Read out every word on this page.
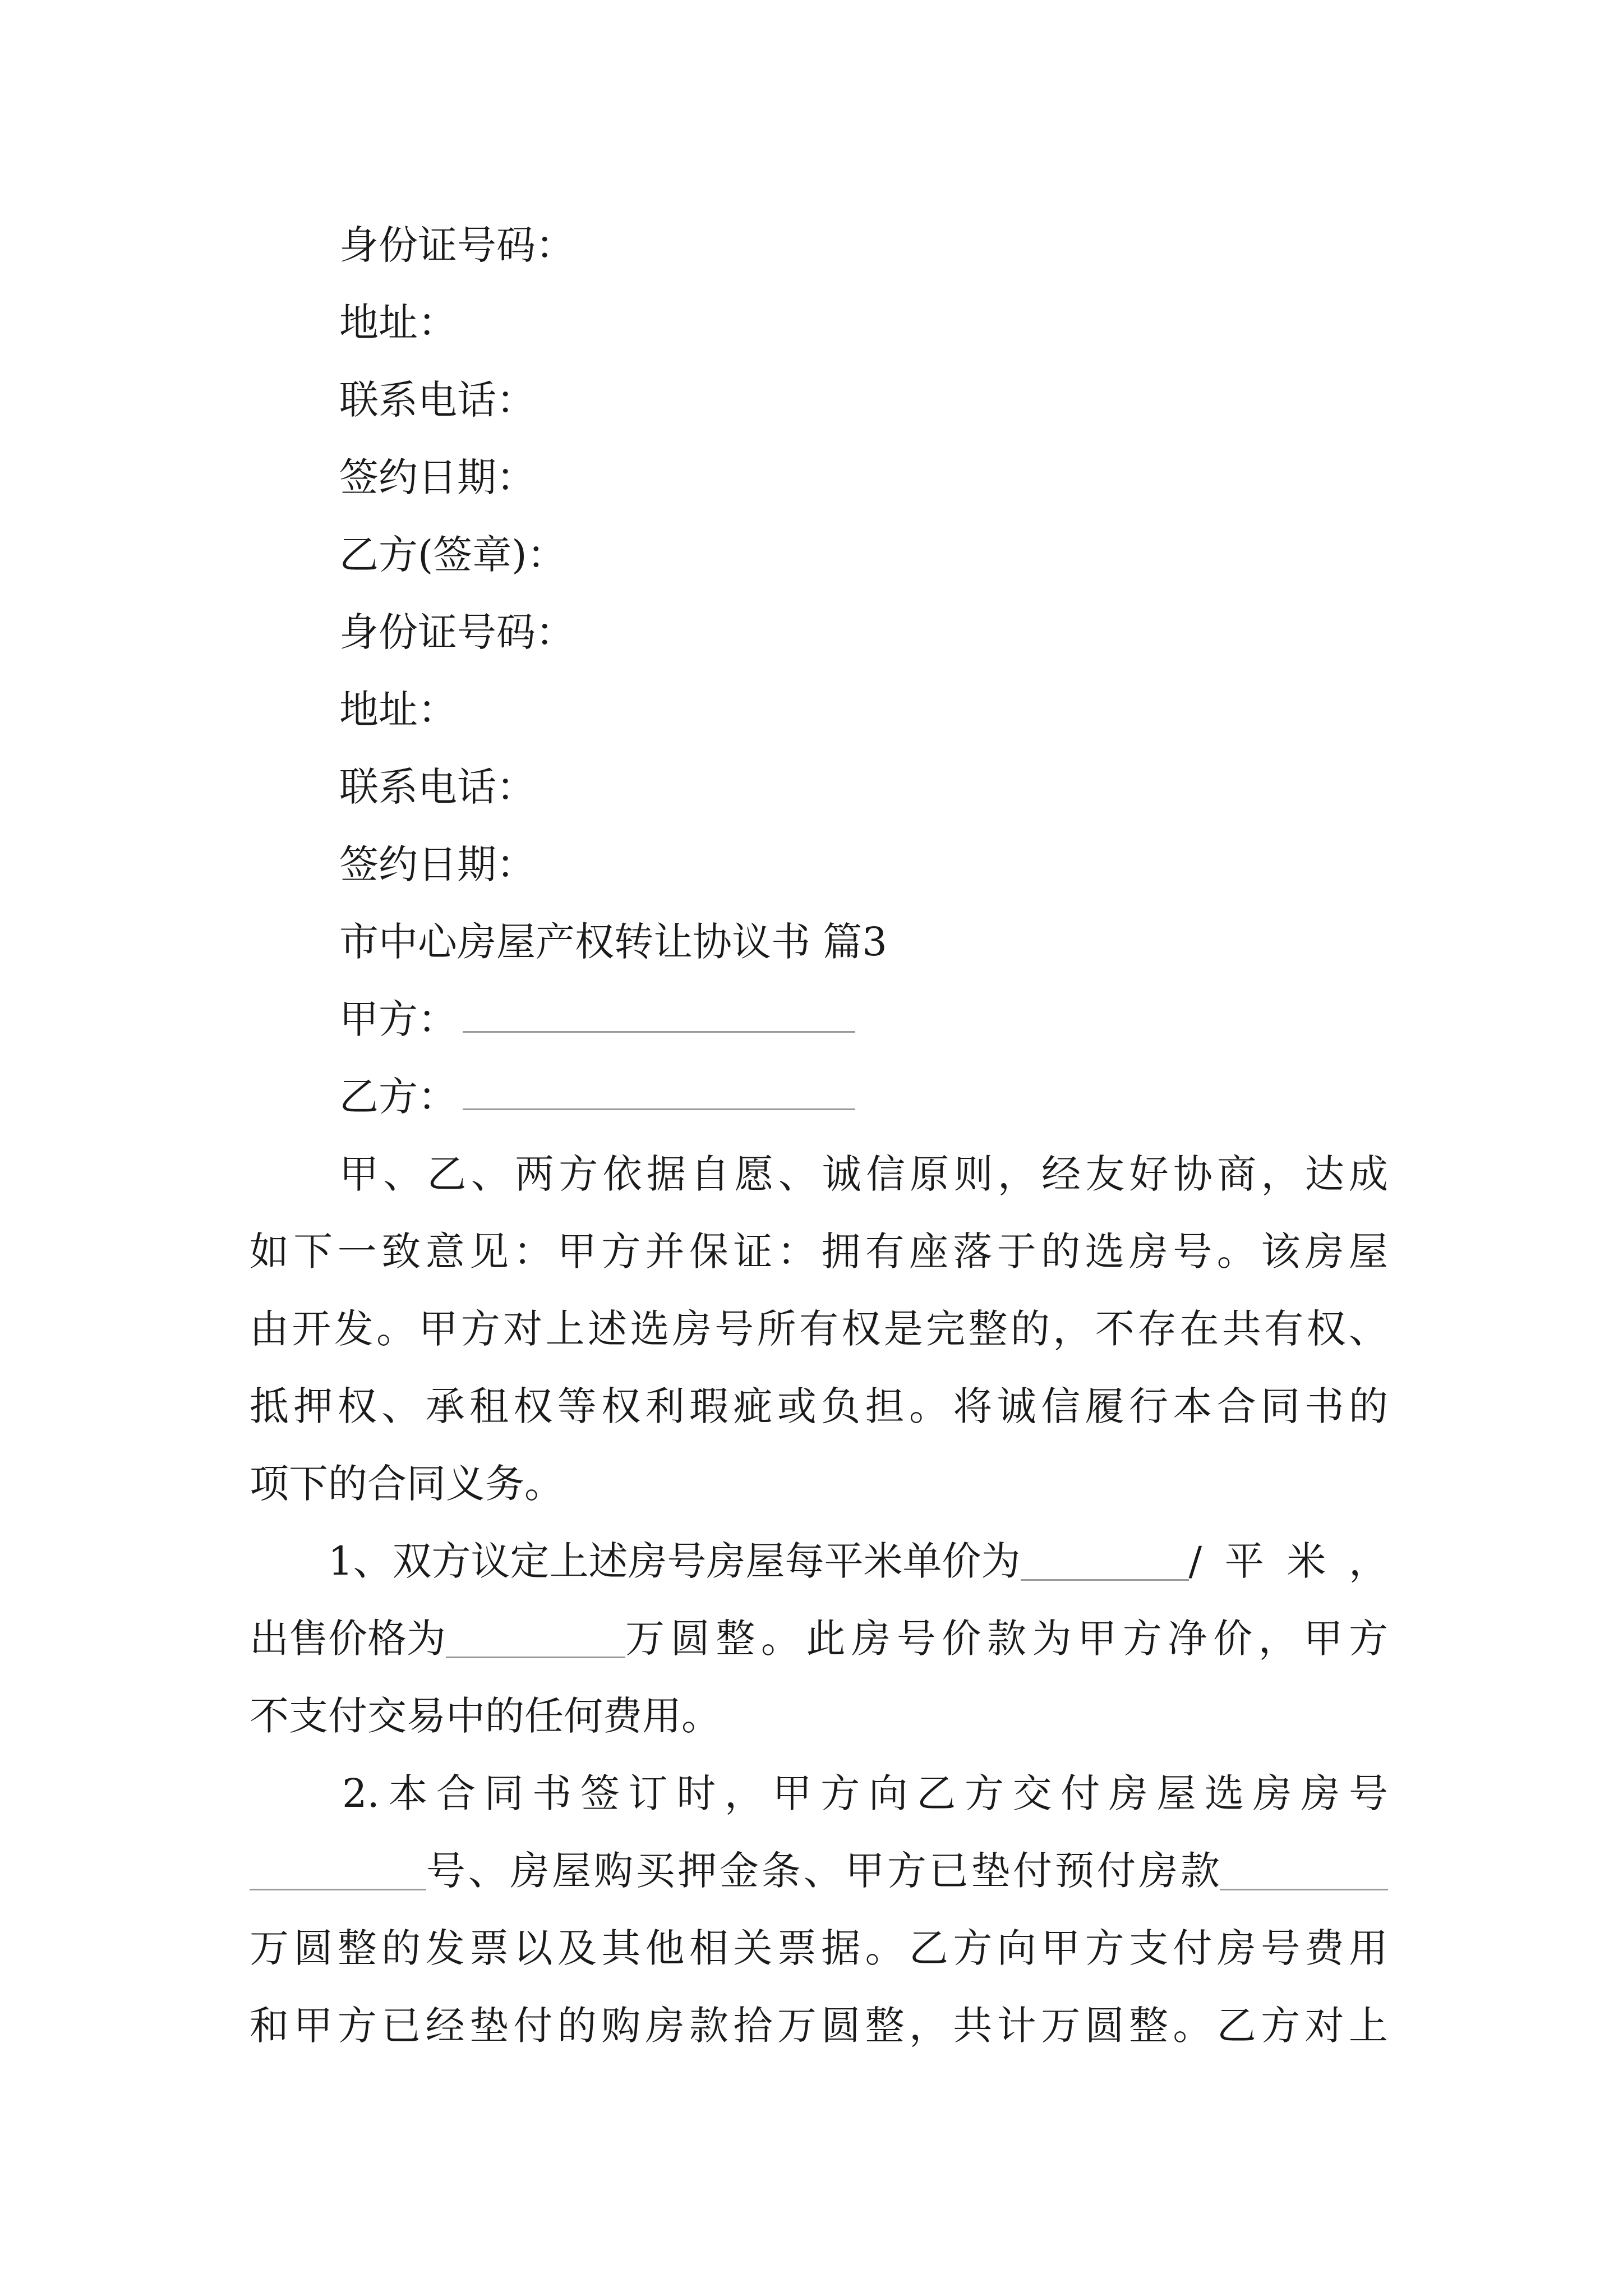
身份证号码：
地址：
联系电话：
签约日期：
乙方(签章)：
身份证号码：
地址：
联系电话：
签约日期：
市中心房屋产权转让协议书 篇3
甲方：
乙方：
甲、乙、两方依据自愿、诚信原则，经友好协商，达成
如下一致意见：甲方并保证：拥有座落于的选房号。该房屋
由开发。甲方对上述选房号所有权是完整的，不存在共有权、
抵押权、承租权等权利瑕疵或负担。将诚信履行本合同书的
项下的合同义务。
1、双方议定上述房号房屋每平米单价为	/平米，
出售价格为	万圆整。此房号价款为甲方净价，甲方
不支付交易中的任何费用。
2.本合同书签订时，甲方向乙方交付房屋选房房号
号、房屋购买押金条、甲方已垫付预付房款
万圆整的发票以及其他相关票据。乙方向甲方支付房号费用
和甲方已经垫付的购房款拾万圆整，共计万圆整。乙方对上
